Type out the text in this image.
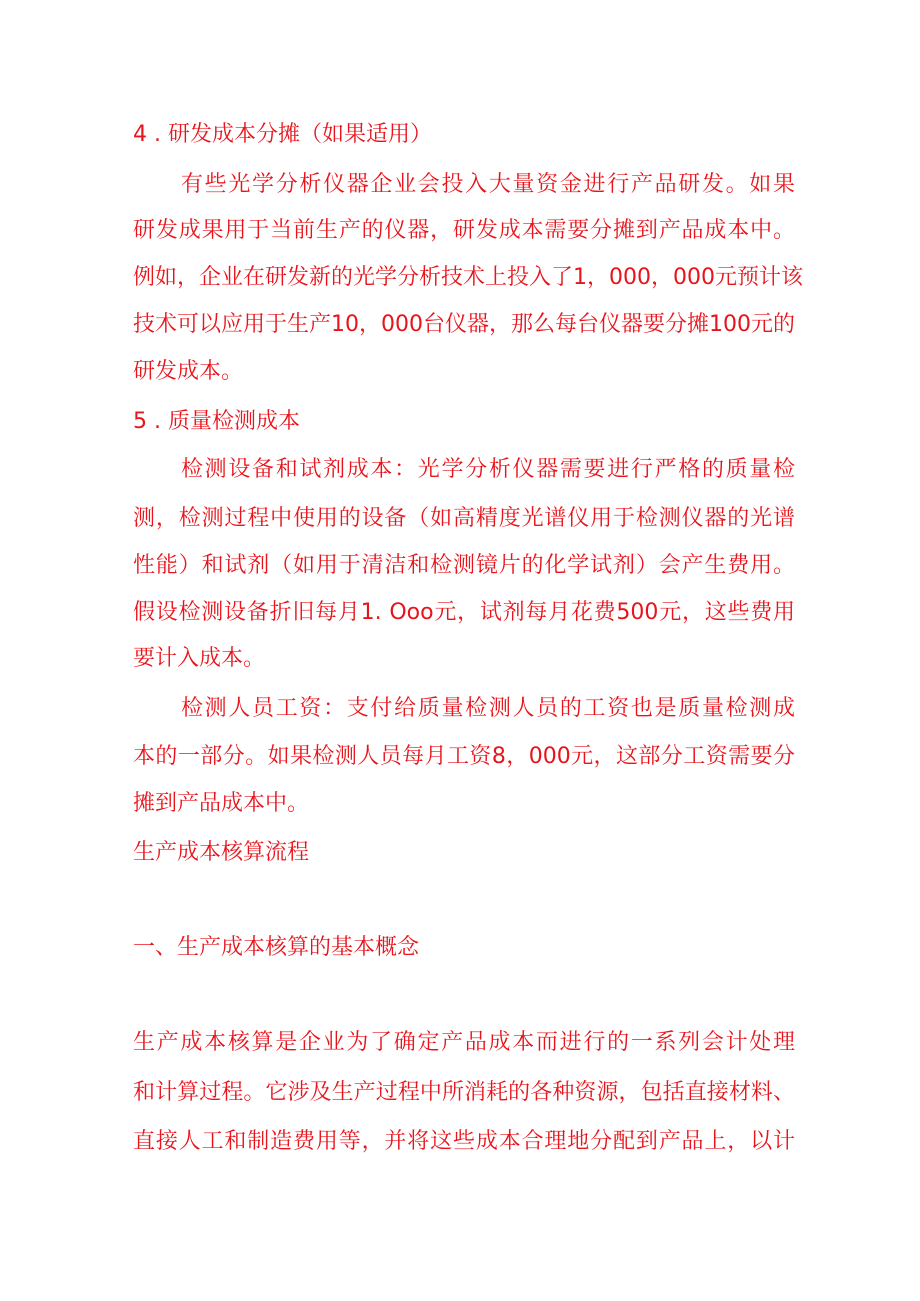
4 . 研发成本分摊（如果适用）
有些光学分析仪器企业会投入大量资金进行产品研发。如果
研发成果用于当前生产的仪器，研发成本需要分摊到产品成本中。
例如，企业在研发新的光学分析技术上投入了1，000，000元预计该
技术可以应用于生产10，000台仪器，那么每台仪器要分摊100元的
研发成本。
5 . 质量检测成本
检测设备和试剂成本：光学分析仪器需要进行严格的质量检
测，检测过程中使用的设备（如高精度光谱仪用于检测仪器的光谱
性能）和试剂（如用于清洁和检测镜片的化学试剂）会产生费用。
假设检测设备折旧每月1. Ooo元，试剂每月花费500元，这些费用
要计入成本。
检测人员工资：支付给质量检测人员的工资也是质量检测成
本的一部分。如果检测人员每月工资8，000元，这部分工资需要分
摊到产品成本中。
生产成本核算流程
一、生产成本核算的基本概念
生产成本核算是企业为了确定产品成本而进行的一系列会计处理
和计算过程。它涉及生产过程中所消耗的各种资源，包括直接材料、
直接人工和制造费用等，并将这些成本合理地分配到产品上，以计
